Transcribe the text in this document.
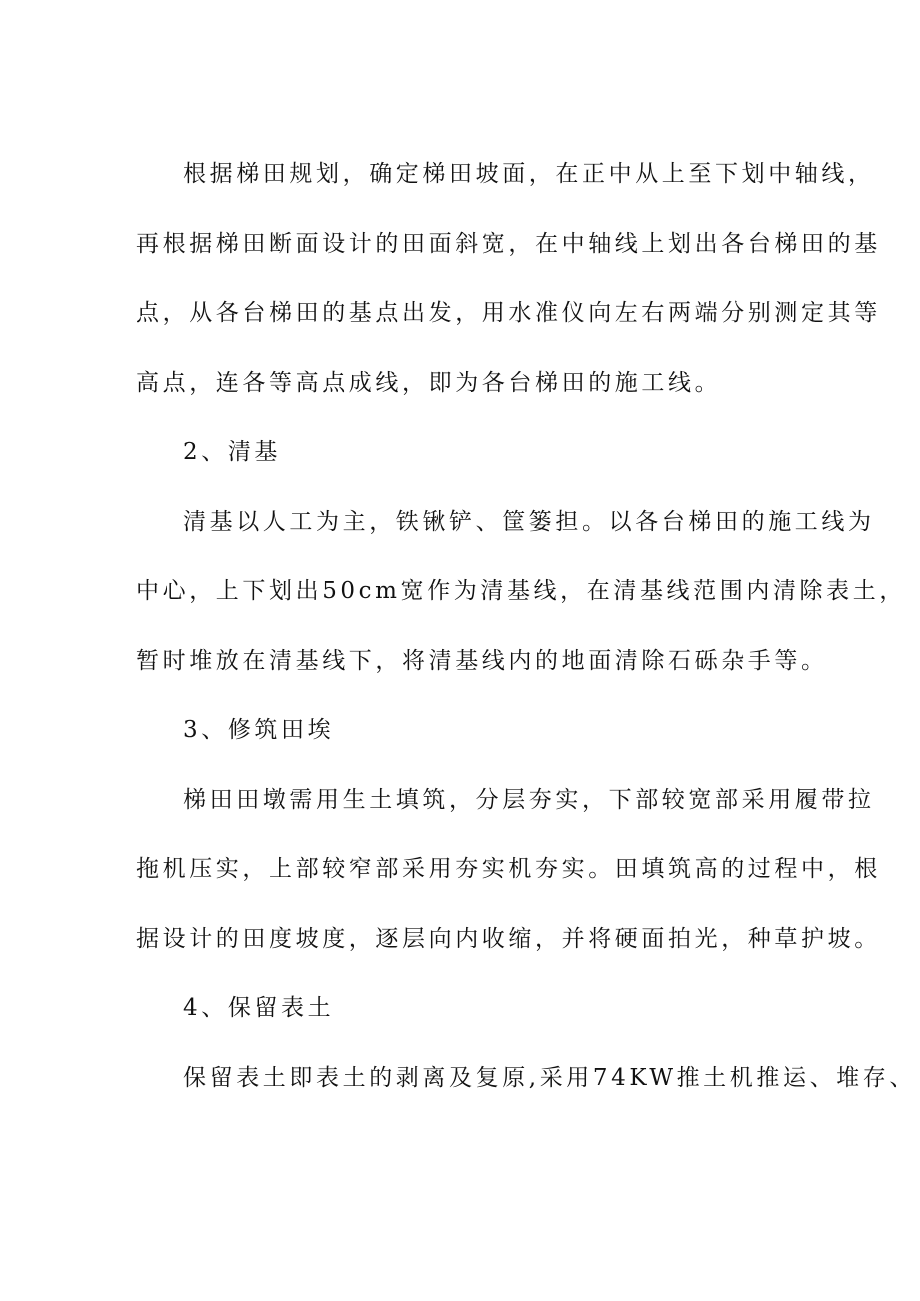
根据梯田规划，确定梯田坡面，在正中从上至下划中轴线，
再根据梯田断面设计的田面斜宽，在中轴线上划出各台梯田的基
点，从各台梯田的基点出发，用水准仪向左右两端分别测定其等
高点，连各等高点成线，即为各台梯田的施工线。
2、清基
清基以人工为主，铁锹铲、筐篓担。以各台梯田的施工线为
中心，上下划出50cm宽作为清基线，在清基线范围内清除表土，
暂时堆放在清基线下，将清基线内的地面清除石砾杂手等。
3、修筑田埃
梯田田墩需用生土填筑，分层夯实，下部较宽部采用履带拉
拖机压实，上部较窄部采用夯实机夯实。田填筑高的过程中，根
据设计的田度坡度，逐层向内收缩，并将硬面拍光，种草护坡。
4、保留表土
保留表土即表土的剥离及复原,采用74KW推土机推运、堆存、
